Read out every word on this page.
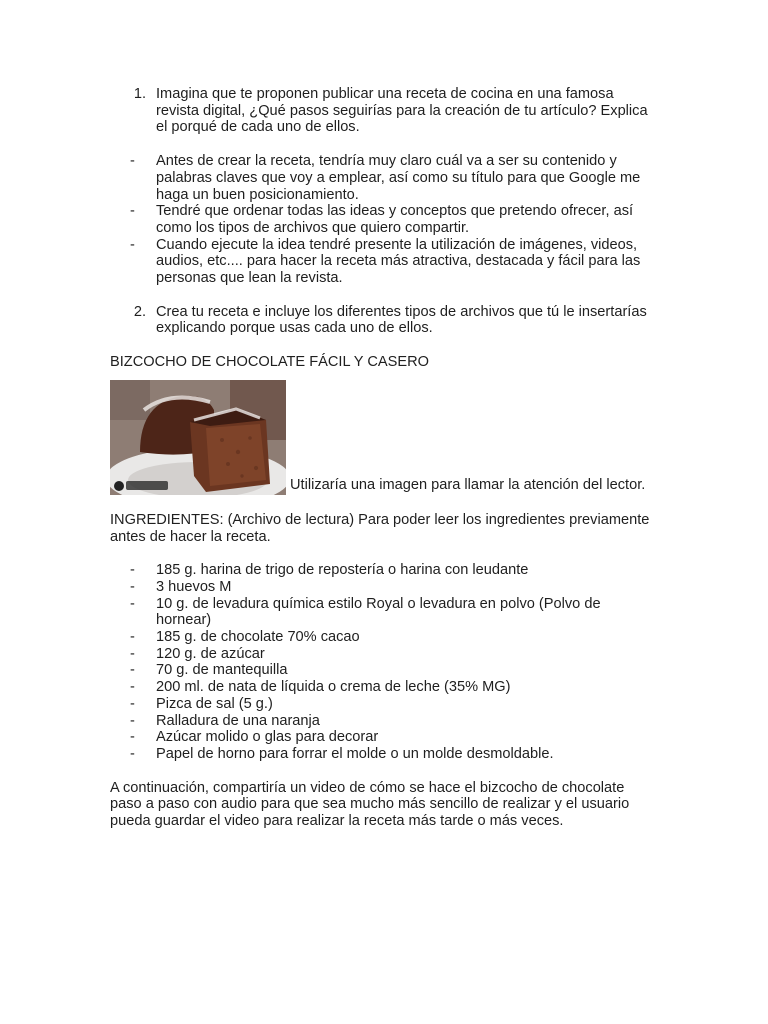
1. Imagina que te proponen publicar una receta de cocina en una famosa
revista digital, ¿Qué pasos seguirías para la creación de tu artículo? Explica
el porqué de cada uno de ellos.
-	Antes de crear la receta, tendría muy claro cuál va a ser su contenido y
palabras claves que voy a emplear, así como su título para que Google me
haga un buen posicionamiento.
-	Tendré que ordenar todas las ideas y conceptos que pretendo ofrecer, así
como los tipos de archivos que quiero compartir.
-	Cuando ejecute la idea tendré presente la utilización de imágenes, videos,
audios, etc.... para hacer la receta más atractiva, destacada y fácil para las
personas que lean la revista.
2. Crea tu receta e incluye los diferentes tipos de archivos que tú le insertarías
explicando porque usas cada uno de ellos.
BIZCOCHO DE CHOCOLATE FÁCIL Y CASERO
Utilizaría una imagen para llamar la atención del lector.
INGREDIENTES: (Archivo de lectura) Para poder leer los ingredientes previamente
antes de hacer la receta.
-	185 g. harina de trigo de repostería o harina con leudante
-	3 huevos M
-	10 g. de levadura química estilo Royal o levadura en polvo (Polvo de
hornear)
-	185 g. de chocolate 70% cacao
-	120 g. de azúcar
-	70 g. de mantequilla
-	200 ml. de nata de líquida o crema de leche (35% MG)
-	Pizca de sal (5 g.)
-	Ralladura de una naranja
-	Azúcar molido o glas para decorar
-	Papel de horno para forrar el molde o un molde desmoldable.
A continuación, compartiría un video de cómo se hace el bizcocho de chocolate
paso a paso con audio para que sea mucho más sencillo de realizar y el usuario
pueda guardar el video para realizar la receta más tarde o más veces.
